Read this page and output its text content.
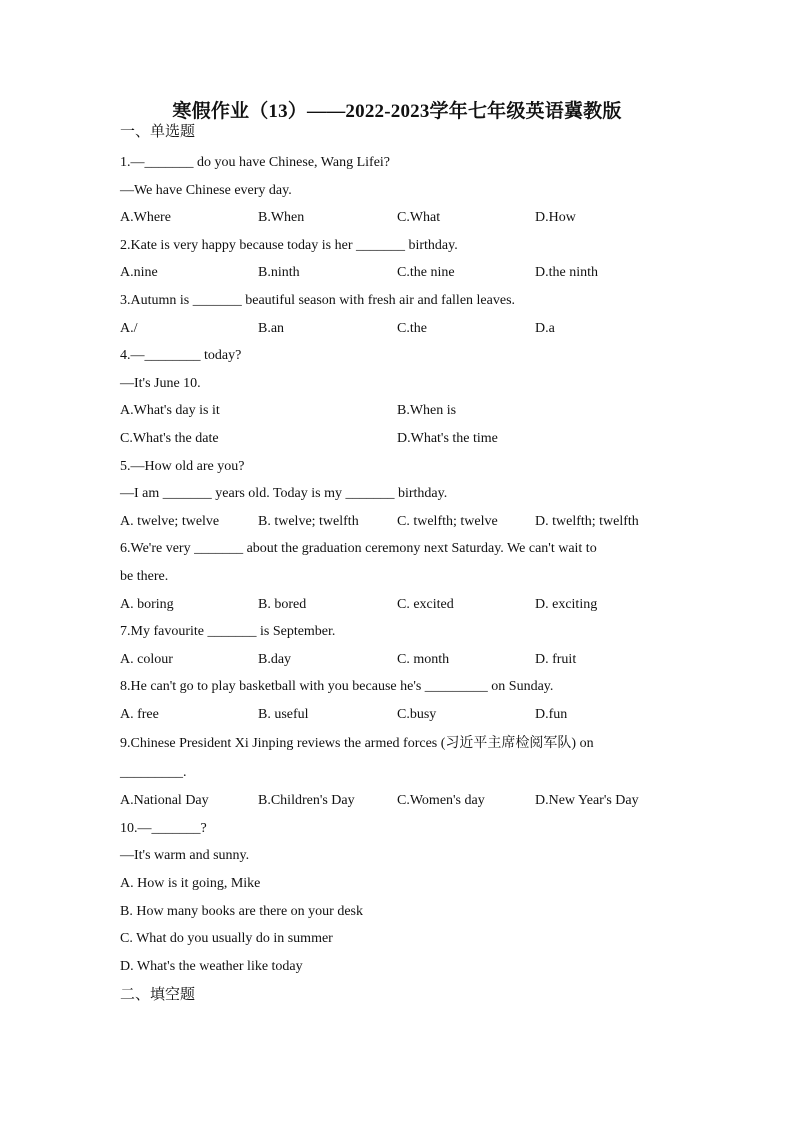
寒假作业（13）——2022-2023学年七年级英语冀教版
一、单选题
1.—_______ do you have Chinese, Wang Lifei?
—We have Chinese every day.
A.Where	B.When	C.What	D.How
2.Kate is very happy because today is her _______ birthday.
A.nine	B.ninth	C.the nine	D.the ninth
3.Autumn is _______ beautiful season with fresh air and fallen leaves.
A./	B.an	C.the	D.a
4.—________ today?
—It's June 10.
A.What's day is it	B.When is
C.What's the date	D.What's the time
5.—How old are you?
—I am _______ years old. Today is my _______ birthday.
A. twelve; twelve	B. twelve; twelfth	C. twelfth; twelve	D. twelfth; twelfth
6.We're very _______ about the graduation ceremony next Saturday. We can't wait to
be there.
A. boring	B. bored	C. excited	D. exciting
7.My favourite _______ is September.
A. colour	B.day	C. month	D. fruit
8.He can't go to play basketball with you because he's _________ on Sunday.
A. free	B. useful	C.busy	D.fun
9.Chinese President Xi Jinping reviews the armed forces (习近平主席检阅军队) on
_________.
A.National Day	B.Children's Day	C.Women's day	D.New Year's Day
10.—_______?
—It's warm and sunny.
A. How is it going, Mike
B. How many books are there on your desk
C. What do you usually do in summer
D. What's the weather like today
二、填空题
